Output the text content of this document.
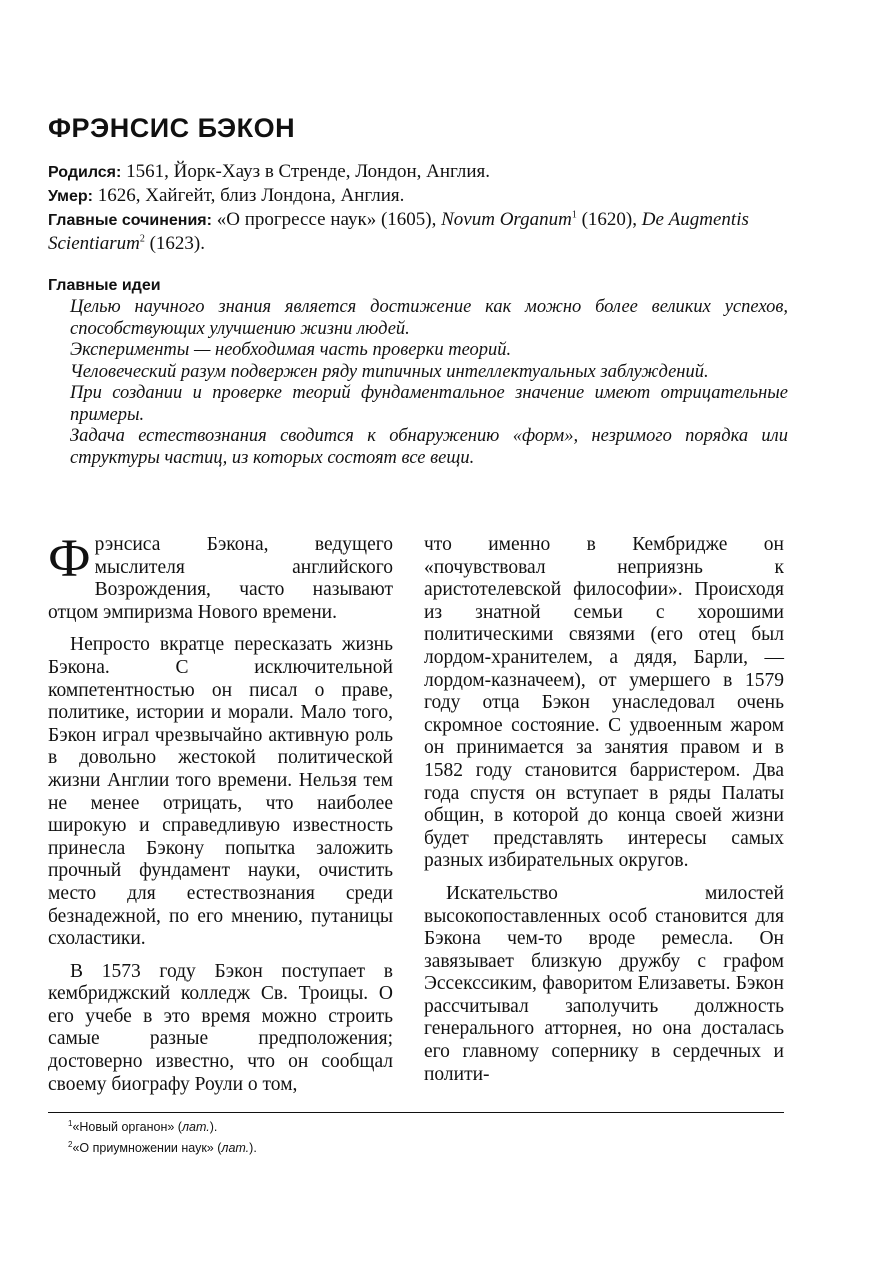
ФРЭНСИС БЭКОН
Родился: 1561, Йорк-Хауз в Стренде, Лондон, Англия.
Умер: 1626, Хайгейт, близ Лондона, Англия.
Главные сочинения: «О прогрессе наук» (1605), Novum Organum$^1$ (1620), De Augmentis Scientiarum$^2$ (1623).
Главные идеи
Целью научного знания является достижение как можно более великих успехов, способствующих улучшению жизни людей.
Эксперименты — необходимая часть проверки теорий.
Человеческий разум подвержен ряду типичных интеллектуальных заблуждений.
При создании и проверке теорий фундаментальное значение имеют отрицательные примеры.
Задача естествознания сводится к обнаружению «форм», незримого порядка или структуры частиц, из которых состоят все вещи.

Фрэнсиса Бэкона, ведущего мыслителя английского Возрождения, часто называют отцом эмпиризма Нового времени.

Непросто вкратце пересказать жизнь Бэкона. С исключительной компетентностью он писал о праве, политике, истории и морали. Мало того, Бэкон играл чрезвычайно активную роль в довольно жестокой политической жизни Англии того времени. Нельзя тем не менее отрицать, что наиболее широкую и справедливую известность принесла Бэкону попытка заложить прочный фундамент науки, очистить место для естествознания среди безнадежной, по его мнению, путаницы схоластики.

В 1573 году Бэкон поступает в кембриджский колледж Св. Троицы. О его учебе в это время можно строить самые разные предположения; достоверно известно, что он сообщал своему биографу Роули о том,

что именно в Кембридже он «почувствовал неприязнь к аристотелевской философии». Происходя из знатной семьи с хорошими политическими связями (его отец был лордом-хранителем, а дядя, Барли, — лордом-казначеем), от умершего в 1579 году отца Бэкон унаследовал очень скромное состояние. С удвоенным жаром он принимается за занятия правом и в 1582 году становится барристером. Два года спустя он вступает в ряды Палаты общин, в которой до конца своей жизни будет представлять интересы самых разных избирательных округов.

Искательство милостей высокопоставленных особ становится для Бэкона чем-то вроде ремесла. Он завязывает близкую дружбу с графом Эссекссиким, фаворитом Елизаветы. Бэкон рассчитывал заполучить должность генерального атторнея, но она досталась его главному сопернику в сердечных и полити-

$^1$«Новый органон» (лат.).
$^2$«О приумножении наук» (лат.).
